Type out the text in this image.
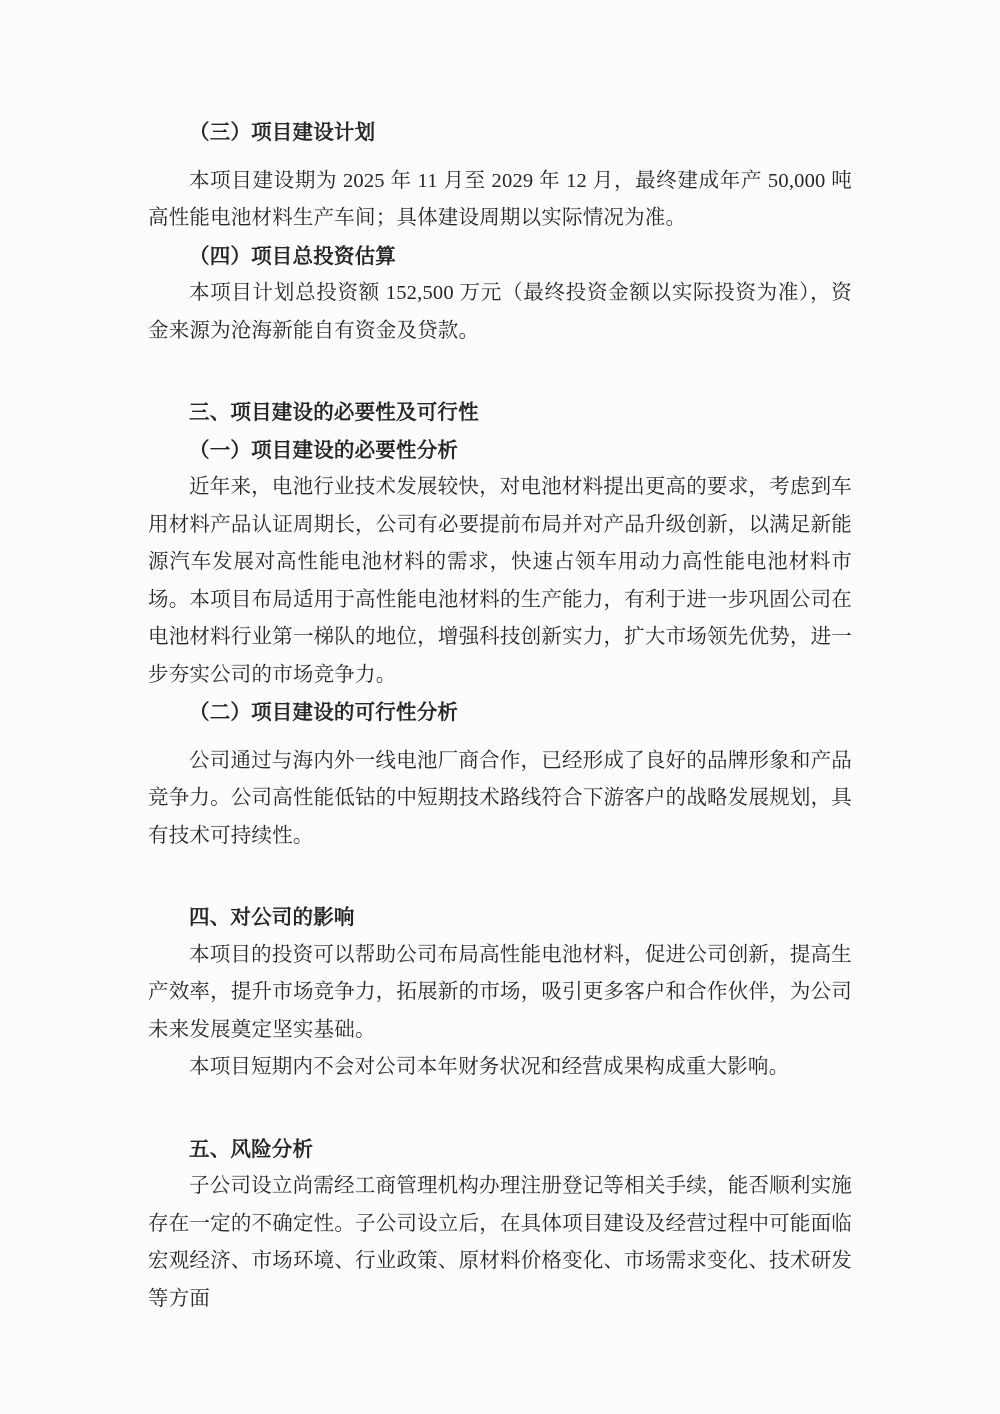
（三）项目建设计划

本项目建设期为 2025 年 11 月至 2029 年 12 月，最终建成年产 50,000 吨高性能电池材料生产车间；具体建设周期以实际情况为准。

（四）项目总投资估算

本项目计划总投资额 152,500 万元（最终投资金额以实际投资为准），资金来源为沧海新能自有资金及贷款。

三、项目建设的必要性及可行性
（一）项目建设的必要性分析

近年来，电池行业技术发展较快，对电池材料提出更高的要求，考虑到车用材料产品认证周期长，公司有必要提前布局并对产品升级创新，以满足新能源汽车发展对高性能电池材料的需求，快速占领车用动力高性能电池材料市场。本项目布局适用于高性能电池材料的生产能力，有利于进一步巩固公司在电池材料行业第一梯队的地位，增强科技创新实力，扩大市场领先优势，进一步夯实公司的市场竞争力。

（二）项目建设的可行性分析

公司通过与海内外一线电池厂商合作，已经形成了良好的品牌形象和产品竞争力。公司高性能低钴的中短期技术路线符合下游客户的战略发展规划，具有技术可持续性。

四、对公司的影响

本项目的投资可以帮助公司布局高性能电池材料，促进公司创新，提高生产效率，提升市场竞争力，拓展新的市场，吸引更多客户和合作伙伴，为公司未来发展奠定坚实基础。

本项目短期内不会对公司本年财务状况和经营成果构成重大影响。

五、风险分析

子公司设立尚需经工商管理机构办理注册登记等相关手续，能否顺利实施存在一定的不确定性。子公司设立后，在具体项目建设及经营过程中可能面临宏观经济、市场环境、行业政策、原材料价格变化、市场需求变化、技术研发等方面
